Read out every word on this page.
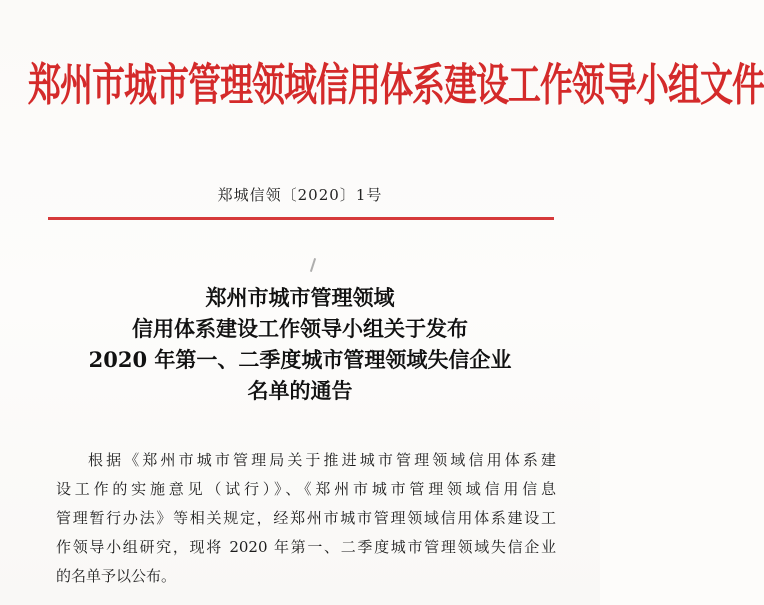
郑州市城市管理领域信用体系建设工作领导小组文件
郑城信领〔2020〕1号
郑州市城市管理领域
信用体系建设工作领导小组关于发布
2020 年第一、二季度城市管理领域失信企业
名单的通告
根据《郑州市城市管理局关于推进城市管理领域信用体系建
设工作的实施意见（试行）》、《郑州市城市管理领域信用信息
管理暂行办法》等相关规定，经郑州市城市管理领域信用体系建设工
作领导小组研究，现将 2020 年第一、二季度城市管理领域失信企业
的名单予以公布。
